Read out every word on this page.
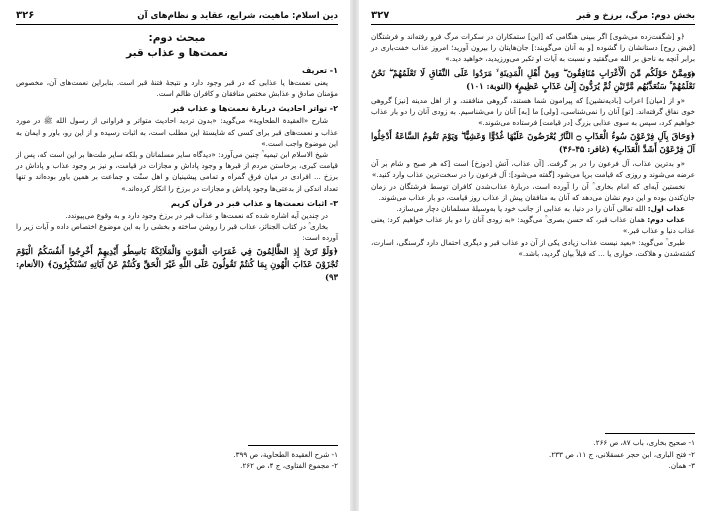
دین اسلام: ماهیت، شرایع، عقاید و نظام‌های آن
۳۲۶
مبحث دوم:
نعمت‌ها و عذاب قبر
۱- تعریف

یعنی نعمت‌ها یا عذابی که در قبر وجود دارد و نتیجهٔ فتنهٔ قبر است. بنابراین نعمت‌های آن، مخصوص مؤمنان صادق و عذابش مختص منافقان و کافران ظالم است.

۲- تواتر احادیث دربارهٔ نعمت‌ها و عذاب قبر

شارح «العقیدة الطحاویة» می‌گوید: «بدون تردید احادیث متواتر و فراوانی از رسول الله ﷺ در مورد عذاب و نعمت‌های قبر برای کسی که شایستهٔ این مطلب است، به اثبات رسیده و از این رو، باور و ایمان به این موضوع واجب است.»

شیخ الاسلام ابن تیمیه ؒ چنین می‌آورد: «دیدگاه سایر مسلمانان و بلکه سایر ملت‌ها بر این است که، پس از قیامت کبری، برخاستن مردم از قبرها و وجود پاداش و مجازات در قیامت، و نیز بر وجود عذاب و پاداش در برزخ ... افرادی در میان فرق گمراه و تمامی پیشینیان و اهل سنّت و جماعت بر همین باور بوده‌اند و تنها تعداد اندکی از بدعتی‌ها وجود پاداش و مجازات در برزخ را انکار کرده‌اند.»

۳- اثبات نعمت‌ها و عذاب قبر در قرآن کریم

در چندین آیه اشاره شده که نعمت‌ها و عذاب قبر در برزخ وجود دارد و به وقوع می‌پیوندد.

بخاری ؒ در کتاب الجنائز، عذاب قبر را روشن ساخته و بخشی را به این موضوع اختصاص داده و آیات زیر را آورده است:

﴿وَلَوْ تَرَىٰ إِذِ الظَّالِمُونَ فِي غَمَرَاتِ الْمَوْتِ وَالْمَلَائِكَةُ بَاسِطُو أَيْدِيهِمْ أَخْرِجُوا أَنفُسَكُمُ الْيَوْمَ تُجْزَوْنَ عَذَابَ الْهُونِ بِمَا كُنتُمْ تَقُولُونَ عَلَى اللَّهِ غَيْرَ الْحَقِّ وَكُنتُمْ عَنْ آيَاتِهِ تَسْتَكْبِرُونَ﴾ (الأنعام: ۹۳)

۱- شرح العقیدة الطحاویة، ص ۳۹۹.

۲- مجموع الفتاوی، ج ۴، ص ۲۶۲.

بخش دوم: مرگ، برزخ و قبر
۳۲۷

﴿و [شگفت‌زده می‌شوی] اگر ببینی هنگامی که [این] ستمکاران در سکرات مرگ فرو رفته‌اند و فرشتگان [قبض روح] دستانشان را گشوده [و به آنان می‌گویند:] جان‌هایتان را بیرون آورید؛ امروز عذاب خفت‌باری در برابر آنچه به ناحق بر الله می‌گفتید و نسبت به آیات او تکبر می‌ورزیدید، خواهید دید.»

﴿وَمِمَّنْ حَوْلَكُم مِّنَ الْأَعْرَابِ مُنَافِقُونَ ۖ وَمِنْ أَهْلِ الْمَدِينَةِ ۙ مَرَدُوا عَلَى النِّفَاقِ لَا تَعْلَمُهُمْ ۖ نَحْنُ نَعْلَمُهُمْ ۚ سَنُعَذِّبُهُم مَّرَّتَيْنِ ثُمَّ يُرَدُّونَ إِلَىٰ عَذَابٍ عَظِيمٍ﴾ (التوبة: ۱۰۱)

«و از [میان] اعراب [بادیه‌نشین] که پیرامون شما هستند، گروهی منافقند، و از اهل مدینه [نیز] گروهی خوی نفاق گرفته‌اند. [تو] آنان را نمی‌شناسی، [ولی] ما [به] آنان را می‌شناسیم. به زودی آنان را دو بار عذاب خواهیم کرد، سپس به سوی عذابی بزرگ [در قیامت] فرستاده می‌شوند.»

﴿وَحَاقَ بِآلِ فِرْعَوْنَ سُوءُ الْعَذَابِ ۝ النَّارُ يُعْرَضُونَ عَلَيْهَا غُدُوًّا وَعَشِيًّا ۖ وَيَوْمَ تَقُومُ السَّاعَةُ أَدْخِلُوا آلَ فِرْعَوْنَ أَشَدَّ الْعَذَابِ﴾ (غافر: ۴۵-۴۶)

«و بدترین عذاب، آل فرعون را در بر گرفت. [آن عذاب، آتش [دوزخ] است [که هر صبح و شام بر آن عرضه می‌شوند و روزی که قیامت برپا می‌شود [گفته می‌شود]: آل فرعون را در سخت‌ترین عذاب وارد کنید.»

نخستین آیه‌ای که امام بخاری ؒ آن را آورده است، دربارهٔ عذاب‌شدن کافران توسط فرشتگان در زمان جان‌کندن بوده و این دوم نشان می‌دهد که آنان به منافقان پیش از عذاب روز قیامت، دو بار عذاب می‌شوند.

عذاب اول: الله تعالی آنان را در دنیا، به عذابی از جانب خود یا به‌وسیلهٔ مسلمانان دچار می‌سازد.

عذاب دوم: همان عذاب قبر، که حسن بصری ؒ می‌گوید: «به زودی آنان را دو بار عذاب خواهیم کرد: یعنی عذاب دنیا و عذاب قبر.»

طبری ؒ می‌گوید: «بعید نیست عذاب زیادی یکی از آن دو عذاب قبر و دیگری احتمال دارد گرسنگی، اسارت، کشته‌شدن و هلاکت، خواری یا ... که قبلاً بیان گردید، باشد.»

۱- صحیح بخاری، باب ۸۷، ص ۲۶۶.

۲- فتح الباری، ابن حجر عسقلانی، ج ۱۱، ص ۲۳۳.

۳- همان.
